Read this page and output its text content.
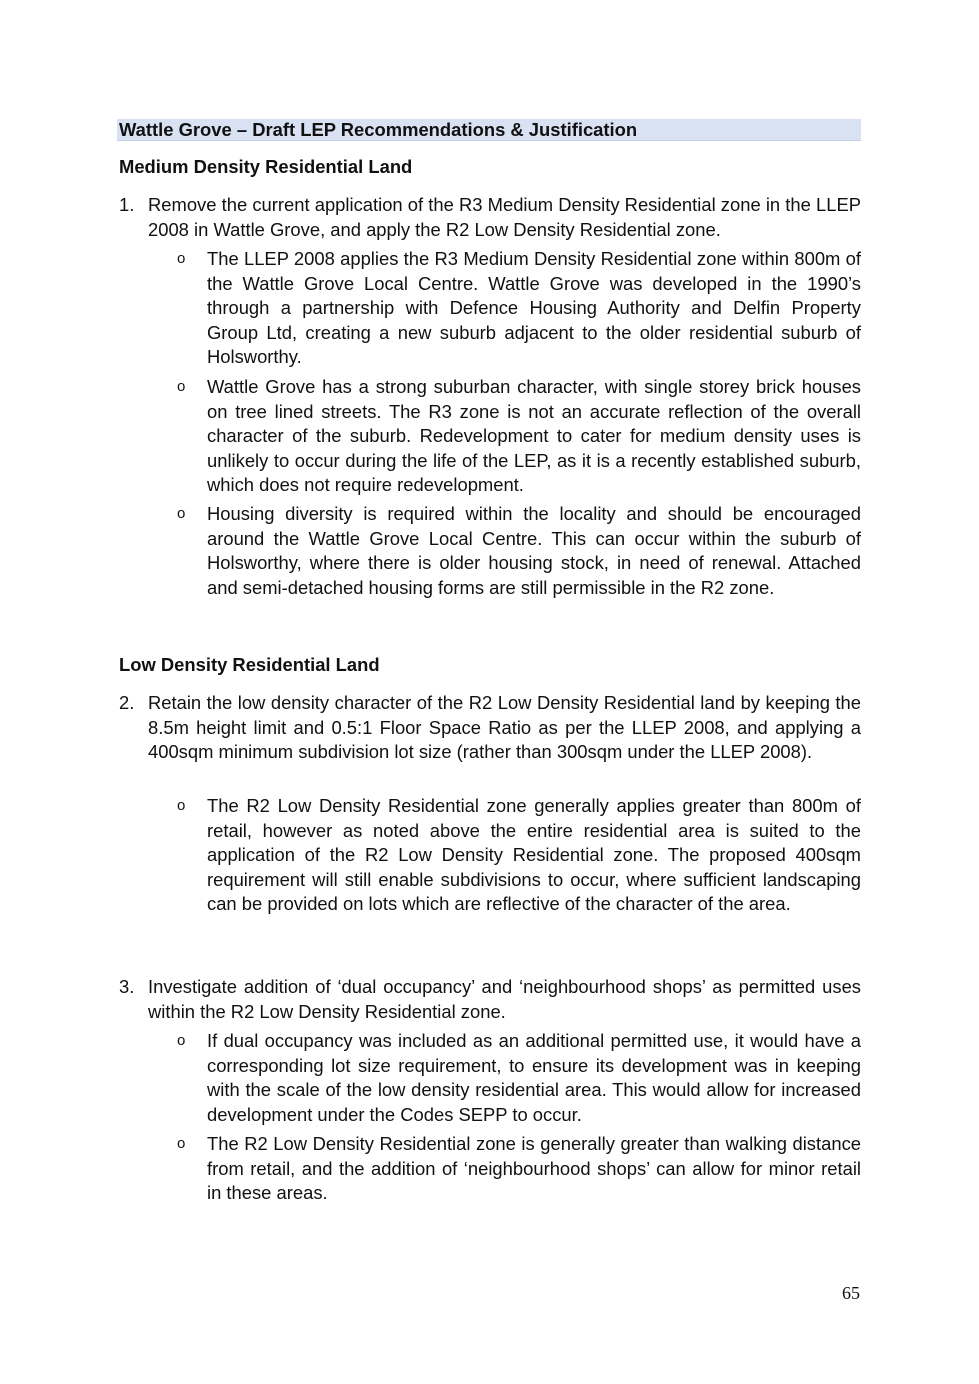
Wattle Grove – Draft LEP Recommendations & Justification
Medium Density Residential Land
1. Remove the current application of the R3 Medium Density Residential zone in the LLEP 2008 in Wattle Grove, and apply the R2 Low Density Residential zone.
o The LLEP 2008 applies the R3 Medium Density Residential zone within 800m of the Wattle Grove Local Centre. Wattle Grove was developed in the 1990’s through a partnership with Defence Housing Authority and Delfin Property Group Ltd, creating a new suburb adjacent to the older residential suburb of Holsworthy.
o Wattle Grove has a strong suburban character, with single storey brick houses on tree lined streets. The R3 zone is not an accurate reflection of the overall character of the suburb. Redevelopment to cater for medium density uses is unlikely to occur during the life of the LEP, as it is a recently established suburb, which does not require redevelopment.
o Housing diversity is required within the locality and should be encouraged around the Wattle Grove Local Centre. This can occur within the suburb of Holsworthy, where there is older housing stock, in need of renewal. Attached and semi-detached housing forms are still permissible in the R2 zone.
Low Density Residential Land
2. Retain the low density character of the R2 Low Density Residential land by keeping the 8.5m height limit and 0.5:1 Floor Space Ratio as per the LLEP 2008, and applying a 400sqm minimum subdivision lot size (rather than 300sqm under the LLEP 2008).
o The R2 Low Density Residential zone generally applies greater than 800m of retail, however as noted above the entire residential area is suited to the application of the R2 Low Density Residential zone. The proposed 400sqm requirement will still enable subdivisions to occur, where sufficient landscaping can be provided on lots which are reflective of the character of the area.
3. Investigate addition of ‘dual occupancy’ and ‘neighbourhood shops’ as permitted uses within the R2 Low Density Residential zone.
o If dual occupancy was included as an additional permitted use, it would have a corresponding lot size requirement, to ensure its development was in keeping with the scale of the low density residential area. This would allow for increased development under the Codes SEPP to occur.
o The R2 Low Density Residential zone is generally greater than walking distance from retail, and the addition of ‘neighbourhood shops’ can allow for minor retail in these areas.
65
